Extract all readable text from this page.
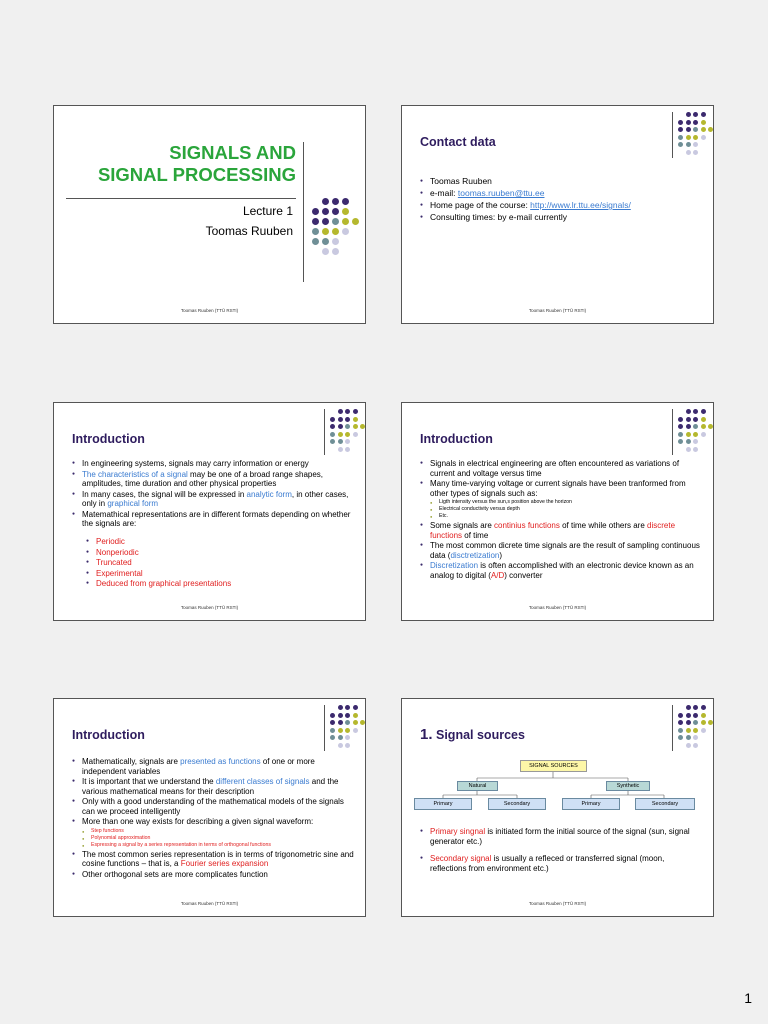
SIGNALS AND
SIGNAL PROCESSING
Lecture 1
Toomas Ruuben
Toomas Ruuben (TTÜ RSTI)
Contact data
● Toomas Ruuben
● e-mail: toomas.ruuben@ttu.ee
● Home page of the course: http://www.lr.ttu.ee/signals/
● Consulting times: by e-mail currently
Toomas Ruuben (TTÜ RSTI)
Introduction
● In engineering systems, signals may carry information or energy
● The characteristics of a signal may be one of a broad range shapes, amplitudes, time duration and other physical properties
● In many cases, the signal will be expressed in analytic form, in other cases, only in graphical form
● Matemathical representations are in different formats depending on whether the signals are:
● Periodic
● Nonperiodic
● Truncated
● Experimental
● Deduced from graphical presentations
Toomas Ruuben (TTÜ RSTI)
Introduction
● Signals in electrical engineering are often encountered as variations of current and voltage versus time
● Many time-varying voltage or current signals have been tranformed from other types of signals such as:
● Ligth intensity versus the sun,s position above the horizon
● Electrical conductivity versus depth
● Etc.
● Some signals are continius functions of time while others are discrete functions of time
● The most common dicrete time signals are the result of sampling continuous data (disctretization)
● Discretization is often accomplished with an electronic device known as an analog to digital (A/D) converter
Toomas Ruuben (TTÜ RSTI)
Introduction
● Mathematically, signals are presented as functions of one or more independent variables
● It is important that we understand the different classes of signals and the various mathematical means for their description
● Only with a good understanding of the mathematical models of the signals can we proceed intelligently
● More than one way exists for describing a given signal waveform:
● Step functions
● Polynomial approximation
● Espressing a signal by a series representation in terms of orthogonal functions
● The most common series representation is in terms of trigonometric sine and cosine functions – that is, a Fourier series expansion
● Other orthogonal sets are more complicates function
Toomas Ruuben (TTÜ RSTI)
1. Signal sources
SIGNAL SOURCES
Natural	Synthetic
Primary	Secondary	Primary	Secondary
● Primary singnal is initiated form the initial source of the signal (sun, signal generator etc.)
● Secondary signal is usually a refleced or transferred signal (moon, reflections from environment etc.)
Toomas Ruuben (TTÜ RSTI)
1
